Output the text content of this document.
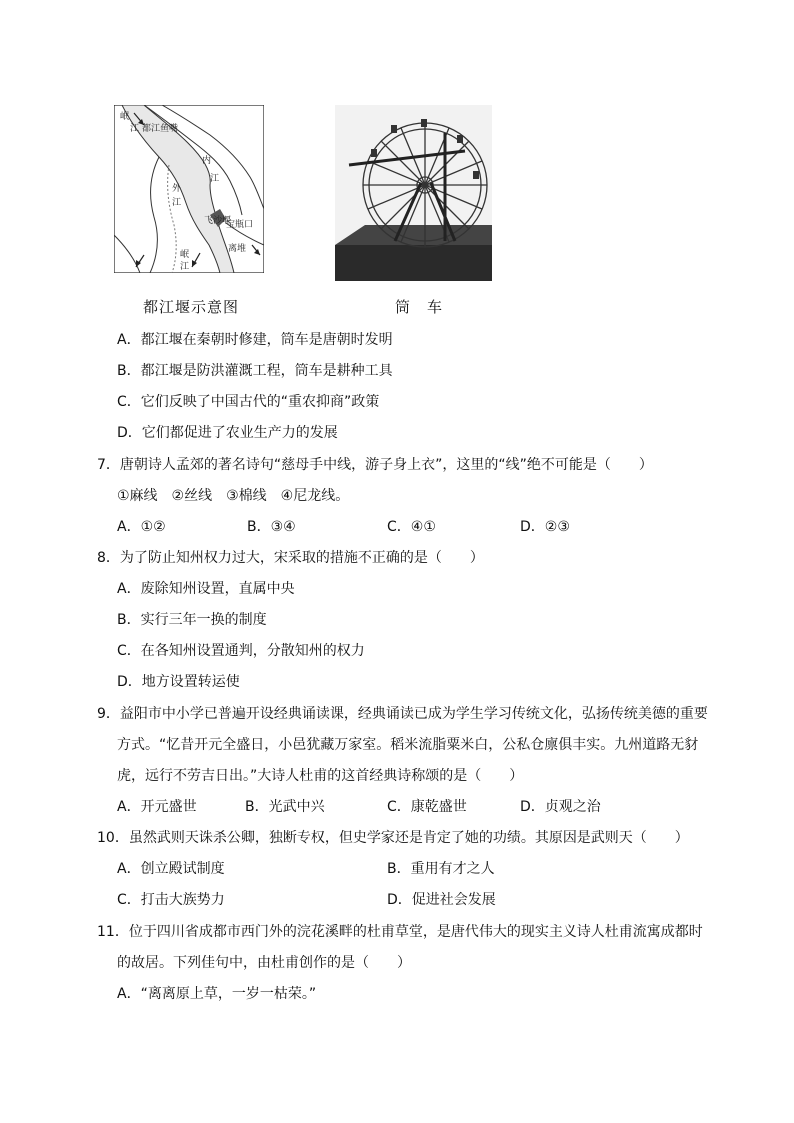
岷
江 都江鱼嘴
内
江
外
江
飞沙堰
宝瓶口
离堆
岷
江
都江堰示意图	筒　车
A．都江堰在秦朝时修建，筒车是唐朝时发明
B．都江堰是防洪灌溉工程，筒车是耕种工具
C．它们反映了中国古代的“重农抑商”政策
D．它们都促进了农业生产力的发展
7．唐朝诗人孟郊的著名诗句“慈母手中线，游子身上衣”，这里的“线”绝不可能是（　　）
①麻线　②丝线　③棉线　④尼龙线。
A．①②	B．③④	C．④①	D．②③
8．为了防止知州权力过大，宋采取的措施不正确的是（　　）
A．废除知州设置，直属中央
B．实行三年一换的制度
C．在各知州设置通判，分散知州的权力
D．地方设置转运使
9．益阳市中小学已普遍开设经典诵读课，经典诵读已成为学生学习传统文化，弘扬传统美德的重要
方式。“忆昔开元全盛日，小邑犹藏万家室。稻米流脂粟米白，公私仓廪俱丰实。九州道路无豺
虎，远行不劳吉日出。”大诗人杜甫的这首经典诗称颂的是（　　）
A．开元盛世	B．光武中兴	C．康乾盛世	D．贞观之治
10．虽然武则天诛杀公卿，独断专权，但史学家还是肯定了她的功绩。其原因是武则天（　　）
A．创立殿试制度	B．重用有才之人
C．打击大族势力	D．促进社会发展
11．位于四川省成都市西门外的浣花溪畔的杜甫草堂，是唐代伟大的现实主义诗人杜甫流寓成都时
的故居。下列佳句中，由杜甫创作的是（　　）
A．“离离原上草，一岁一枯荣。”
